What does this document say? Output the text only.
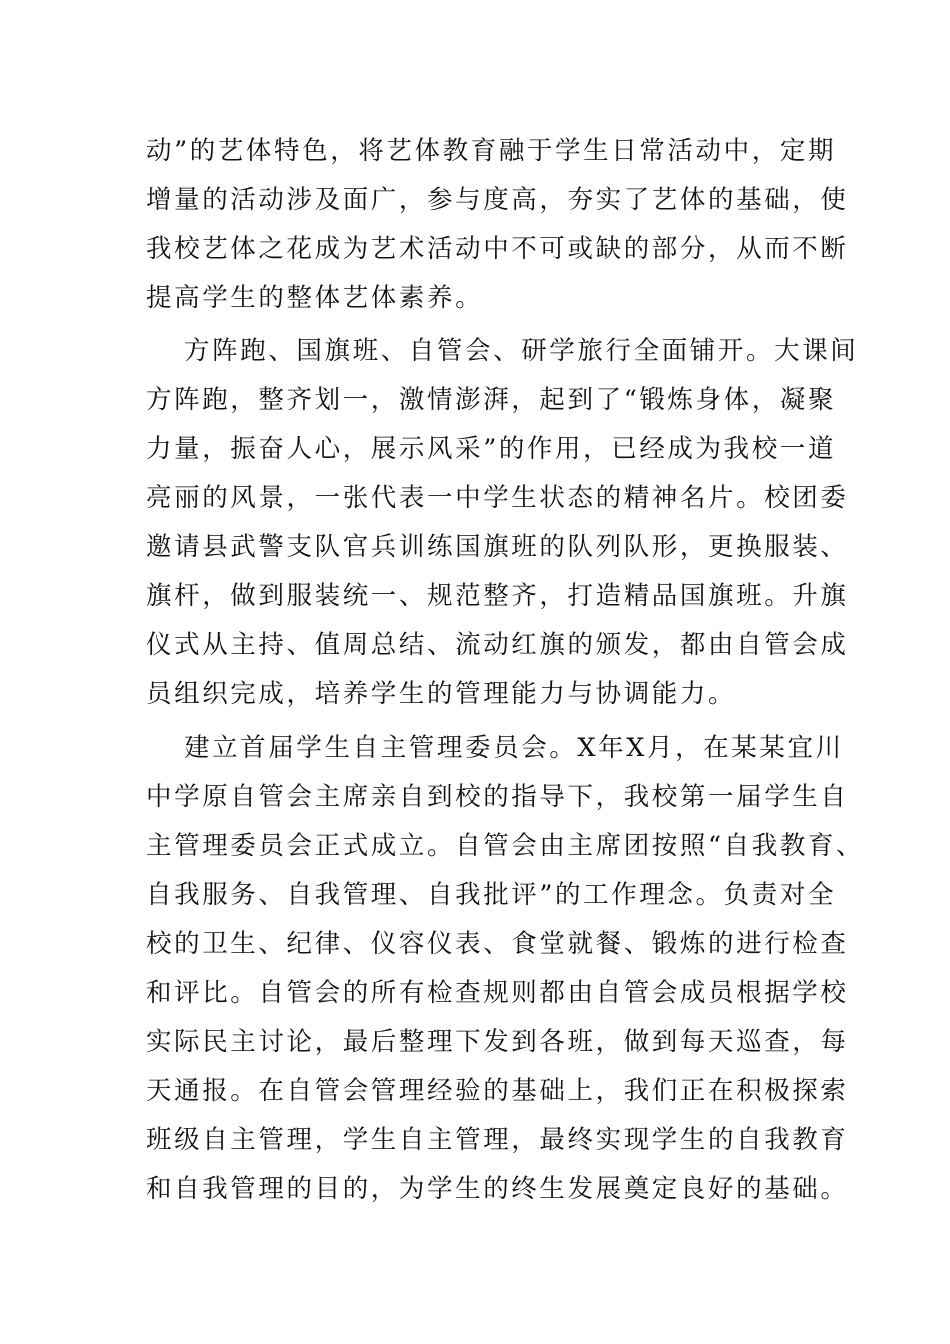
动”的艺体特色，将艺体教育融于学生日常活动中，定期
增量的活动涉及面广，参与度高，夯实了艺体的基础，使
我校艺体之花成为艺术活动中不可或缺的部分，从而不断
提高学生的整体艺体素养。
方阵跑、国旗班、自管会、研学旅行全面铺开。大课间
方阵跑，整齐划一，激情澎湃，起到了“锻炼身体，凝聚
力量，振奋人心，展示风采”的作用，已经成为我校一道
亮丽的风景，一张代表一中学生状态的精神名片。校团委
邀请县武警支队官兵训练国旗班的队列队形，更换服装、
旗杆，做到服装统一、规范整齐，打造精品国旗班。升旗
仪式从主持、值周总结、流动红旗的颁发，都由自管会成
员组织完成，培养学生的管理能力与协调能力。
建立首届学生自主管理委员会。X年X月，在某某宜川
中学原自管会主席亲自到校的指导下，我校第一届学生自
主管理委员会正式成立。自管会由主席团按照“自我教育、
自我服务、自我管理、自我批评”的工作理念。负责对全
校的卫生、纪律、仪容仪表、食堂就餐、锻炼的进行检查
和评比。自管会的所有检查规则都由自管会成员根据学校
实际民主讨论，最后整理下发到各班，做到每天巡查，每
天通报。在自管会管理经验的基础上，我们正在积极探索
班级自主管理，学生自主管理，最终实现学生的自我教育
和自我管理的目的，为学生的终生发展奠定良好的基础。
